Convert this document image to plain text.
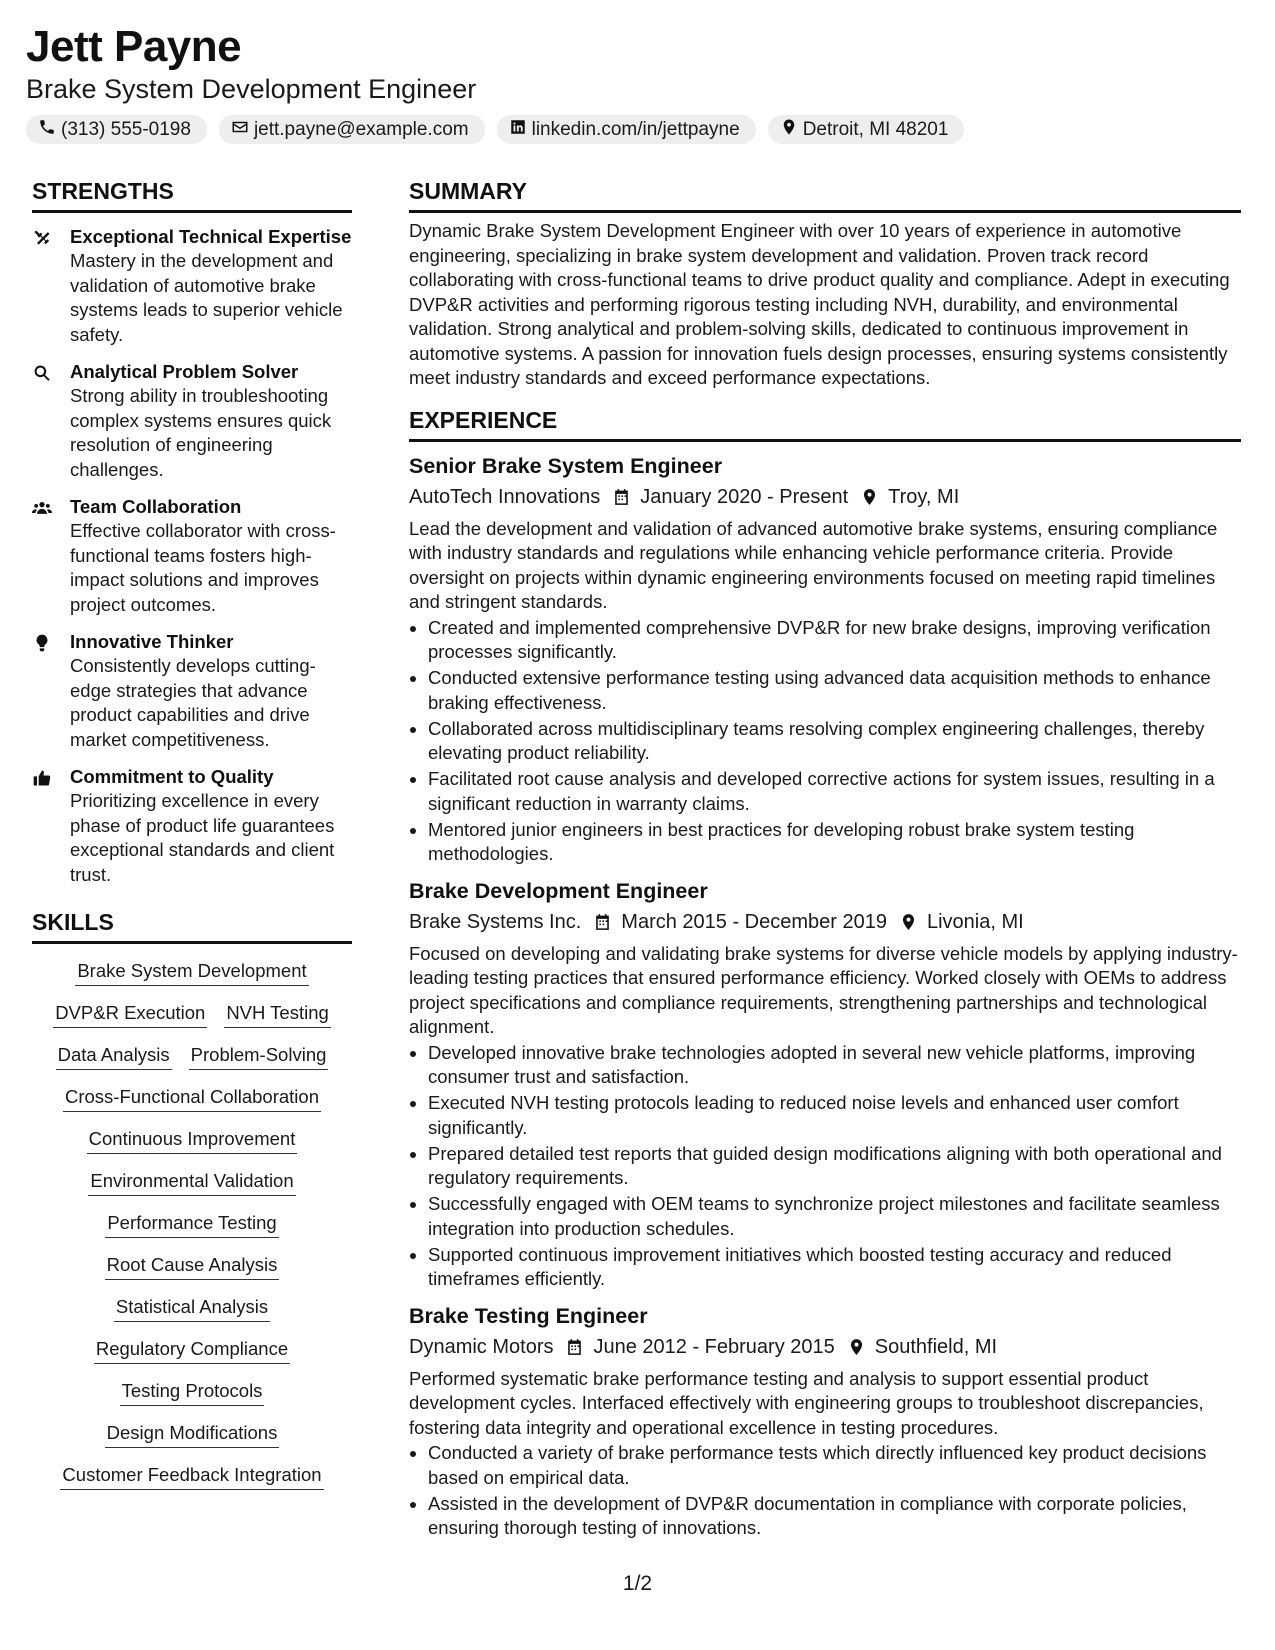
Jett Payne
Brake System Development Engineer
(313) 555-0198	jett.payne@example.com	linkedin.com/in/jettpayne	Detroit, MI 48201
STRENGTHS
Exceptional Technical Expertise
Mastery in the development and validation of automotive brake systems leads to superior vehicle safety.
Analytical Problem Solver
Strong ability in troubleshooting complex systems ensures quick resolution of engineering challenges.
Team Collaboration
Effective collaborator with cross-functional teams fosters high-impact solutions and improves project outcomes.
Innovative Thinker
Consistently develops cutting-edge strategies that advance product capabilities and drive market competitiveness.
Commitment to Quality
Prioritizing excellence in every phase of product life guarantees exceptional standards and client trust.
SKILLS
Brake System Development
DVP&R Execution NVH Testing
Data Analysis Problem-Solving
Cross-Functional Collaboration
Continuous Improvement
Environmental Validation
Performance Testing
Root Cause Analysis
Statistical Analysis
Regulatory Compliance
Testing Protocols
Design Modifications
Customer Feedback Integration
SUMMARY
Dynamic Brake System Development Engineer with over 10 years of experience in automotive engineering, specializing in brake system development and validation. Proven track record collaborating with cross-functional teams to drive product quality and compliance. Adept in executing DVP&R activities and performing rigorous testing including NVH, durability, and environmental validation. Strong analytical and problem-solving skills, dedicated to continuous improvement in automotive systems. A passion for innovation fuels design processes, ensuring systems consistently meet industry standards and exceed performance expectations.
EXPERIENCE
Senior Brake System Engineer
AutoTech Innovations January 2020 - Present Troy, MI
Lead the development and validation of advanced automotive brake systems, ensuring compliance with industry standards and regulations while enhancing vehicle performance criteria. Provide oversight on projects within dynamic engineering environments focused on meeting rapid timelines and stringent standards.
• Created and implemented comprehensive DVP&R for new brake designs, improving verification processes significantly.
• Conducted extensive performance testing using advanced data acquisition methods to enhance braking effectiveness.
• Collaborated across multidisciplinary teams resolving complex engineering challenges, thereby elevating product reliability.
• Facilitated root cause analysis and developed corrective actions for system issues, resulting in a significant reduction in warranty claims.
• Mentored junior engineers in best practices for developing robust brake system testing methodologies.
Brake Development Engineer
Brake Systems Inc. March 2015 - December 2019 Livonia, MI
Focused on developing and validating brake systems for diverse vehicle models by applying industry-leading testing practices that ensured performance efficiency. Worked closely with OEMs to address project specifications and compliance requirements, strengthening partnerships and technological alignment.
• Developed innovative brake technologies adopted in several new vehicle platforms, improving consumer trust and satisfaction.
• Executed NVH testing protocols leading to reduced noise levels and enhanced user comfort significantly.
• Prepared detailed test reports that guided design modifications aligning with both operational and regulatory requirements.
• Successfully engaged with OEM teams to synchronize project milestones and facilitate seamless integration into production schedules.
• Supported continuous improvement initiatives which boosted testing accuracy and reduced timeframes efficiently.
Brake Testing Engineer
Dynamic Motors June 2012 - February 2015 Southfield, MI
Performed systematic brake performance testing and analysis to support essential product development cycles. Interfaced effectively with engineering groups to troubleshoot discrepancies, fostering data integrity and operational excellence in testing procedures.
• Conducted a variety of brake performance tests which directly influenced key product decisions based on empirical data.
• Assisted in the development of DVP&R documentation in compliance with corporate policies, ensuring thorough testing of innovations.
1/2
